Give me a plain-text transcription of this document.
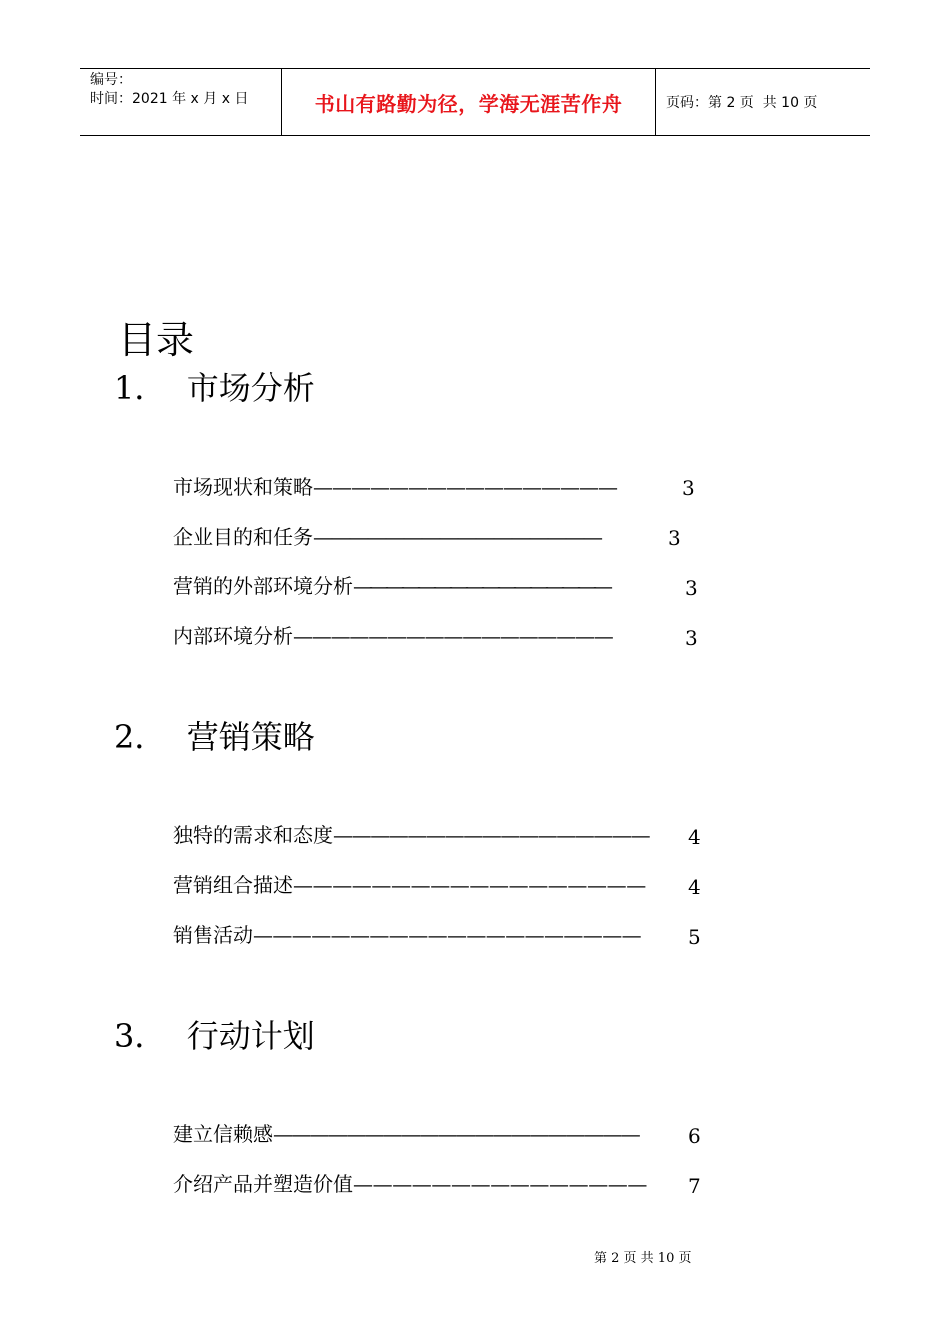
编号：
时间：2021 年 x 月 x 日	书山有路勤为径，学海无涯苦作舟	页码：第 2 页  共 10 页
目录
1．  市场分析
市场现状和策略 ————————————————	3
企业目的和任务 ————————————————	3
营销的外部环境分析 ————————————————	3
内部环境分析 —————————————————	3
2．  营销策略
独特的需求和态度 ————————————————— 4
营销组合描述 —————————————————— 4
销售活动 ———————————————————— 5
3．  行动计划
建立信赖感 ———————————————————— 6
介绍产品并塑造价值 ——————————————— 7
第 2 页 共 10 页
